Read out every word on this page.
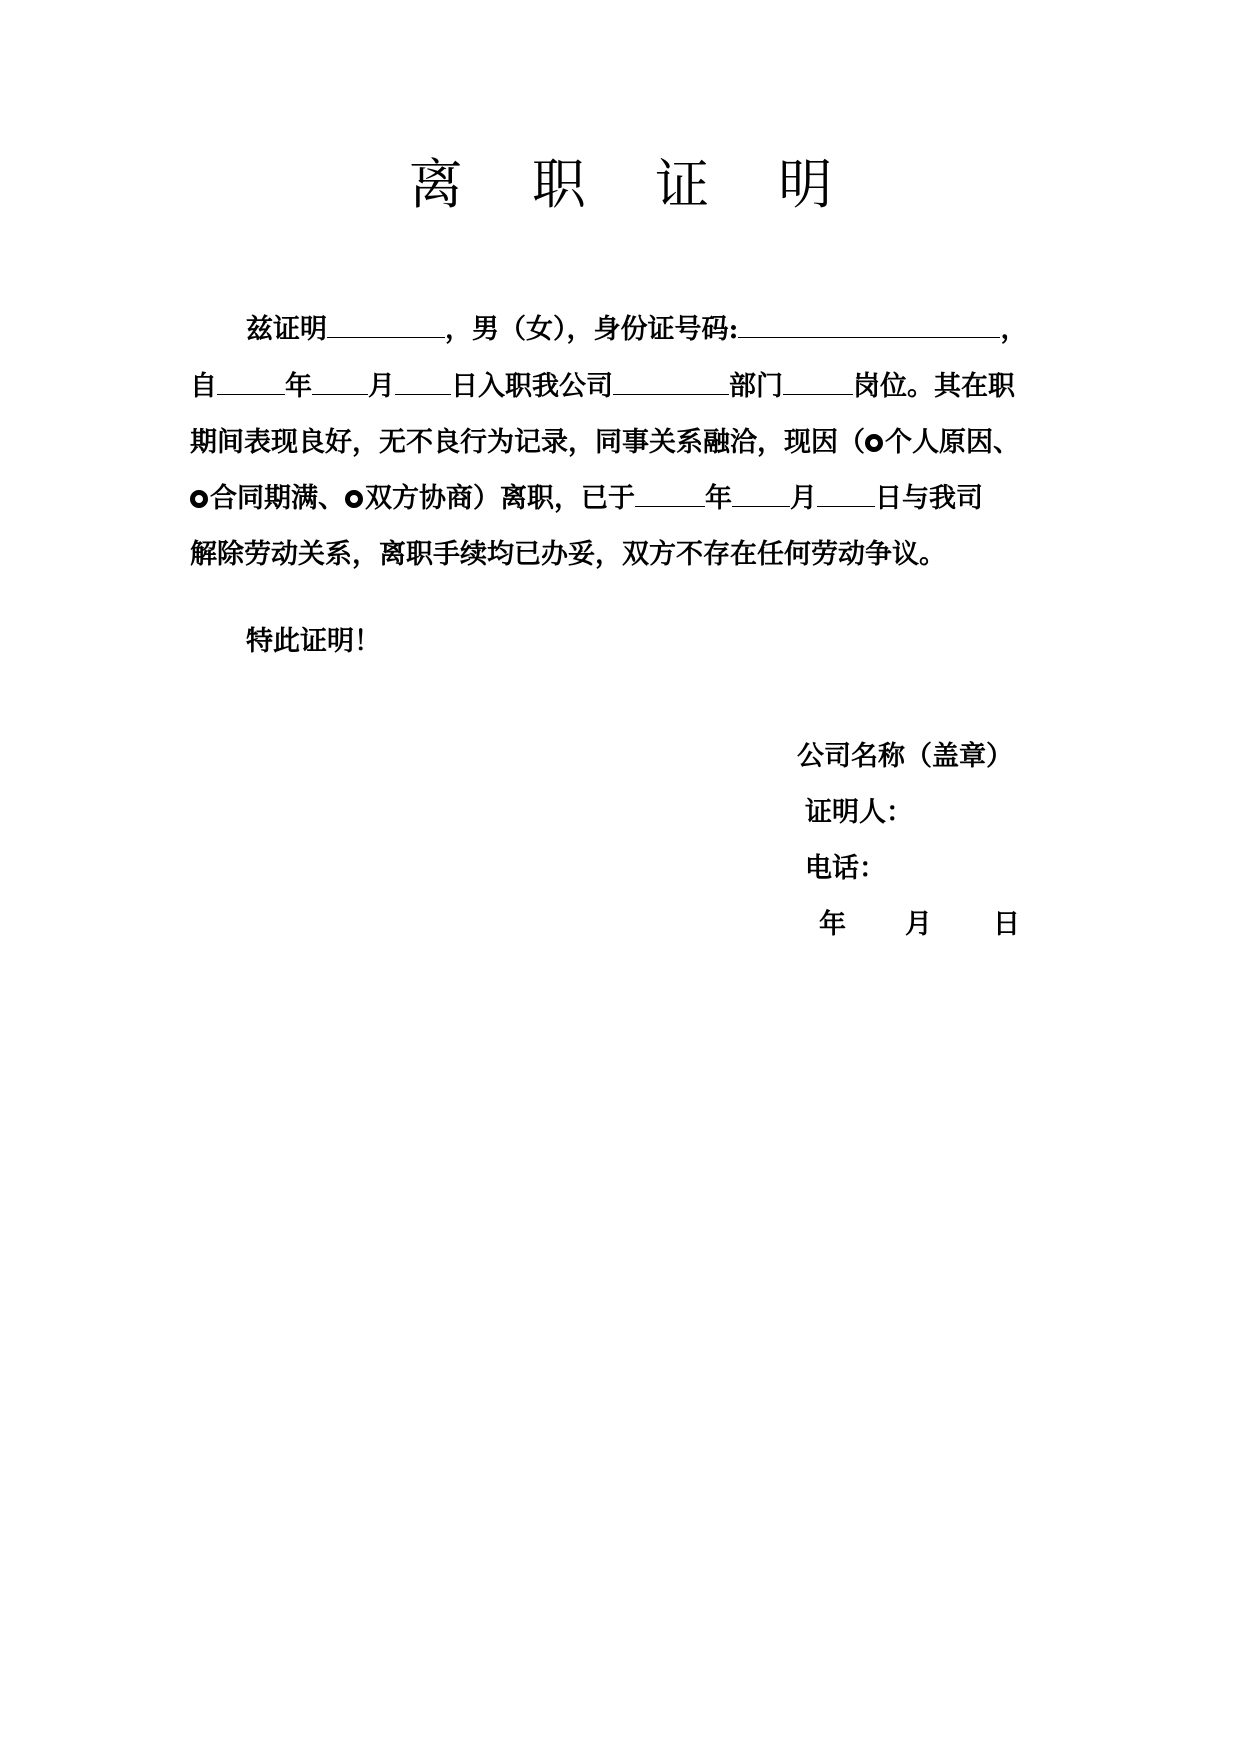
离 职 证 明
兹证明	，男（女），身份证号码:	，
自	年 月 日入职我公司	部门	岗位。其在职
期间表现良好，无不良行为记录，同事关系融洽，现因（ 个人原因、
合同期满、 双方协商）离职，已于	年 月 日与我司
解除劳动关系，离职手续均已办妥，双方不存在任何劳动争议。
特此证明！
公司名称（盖章）
证明人：
电话：
年 月 日
